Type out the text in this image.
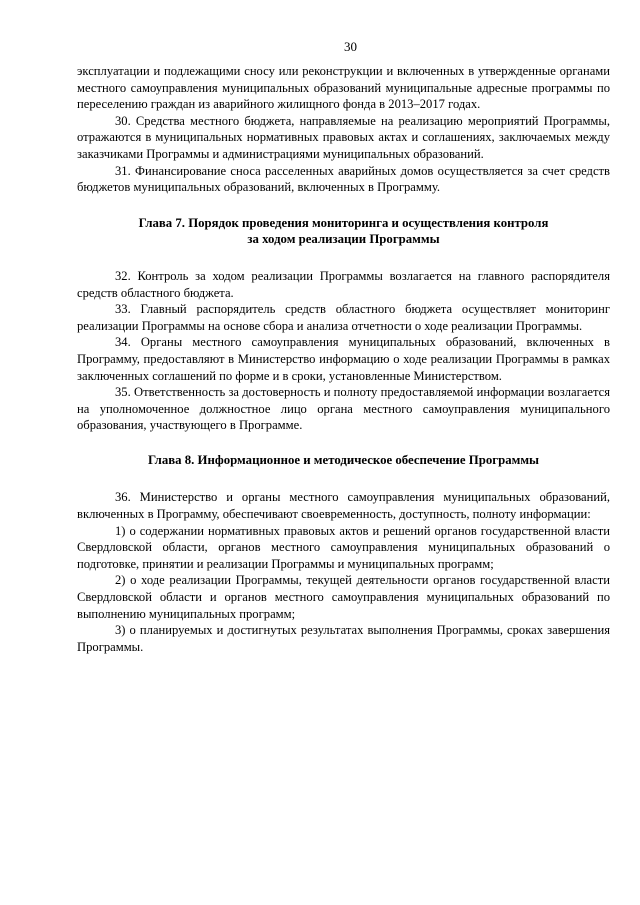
30

эксплуатации и подлежащими сносу или реконструкции и включенных в утвержденные органами местного самоуправления муниципальных образований муниципальные адресные программы по переселению граждан из аварийного жилищного фонда в 2013–2017 годах.

30. Средства местного бюджета, направляемые на реализацию мероприятий Программы, отражаются в муниципальных нормативных правовых актах и соглашениях, заключаемых между заказчиками Программы и администрациями муниципальных образований.

31. Финансирование сноса расселенных аварийных домов осуществляется за счет средств бюджетов муниципальных образований, включенных в Программу.

Глава 7. Порядок проведения мониторинга и осуществления контроля
за ходом реализации Программы

32. Контроль за ходом реализации Программы возлагается на главного распорядителя средств областного бюджета.

33. Главный распорядитель средств областного бюджета осуществляет мониторинг реализации Программы на основе сбора и анализа отчетности о ходе реализации Программы.

34. Органы местного самоуправления муниципальных образований, включенных в Программу, предоставляют в Министерство информацию о ходе реализации Программы в рамках заключенных соглашений по форме и в сроки, установленные Министерством.

35. Ответственность за достоверность и полноту предоставляемой информации возлагается на уполномоченное должностное лицо органа местного самоуправления муниципального образования, участвующего в Программе.

Глава 8. Информационное и методическое обеспечение Программы

36. Министерство и органы местного самоуправления муниципальных образований, включенных в Программу, обеспечивают своевременность, доступность, полноту информации:

1) о содержании нормативных правовых актов и решений органов государственной власти Свердловской области, органов местного самоуправления муниципальных образований о подготовке, принятии и реализации Программы и муниципальных программ;

2) о ходе реализации Программы, текущей деятельности органов государственной власти Свердловской области и органов местного самоуправления муниципальных образований по выполнению муниципальных программ;

3) о планируемых и достигнутых результатах выполнения Программы, сроках завершения Программы.
